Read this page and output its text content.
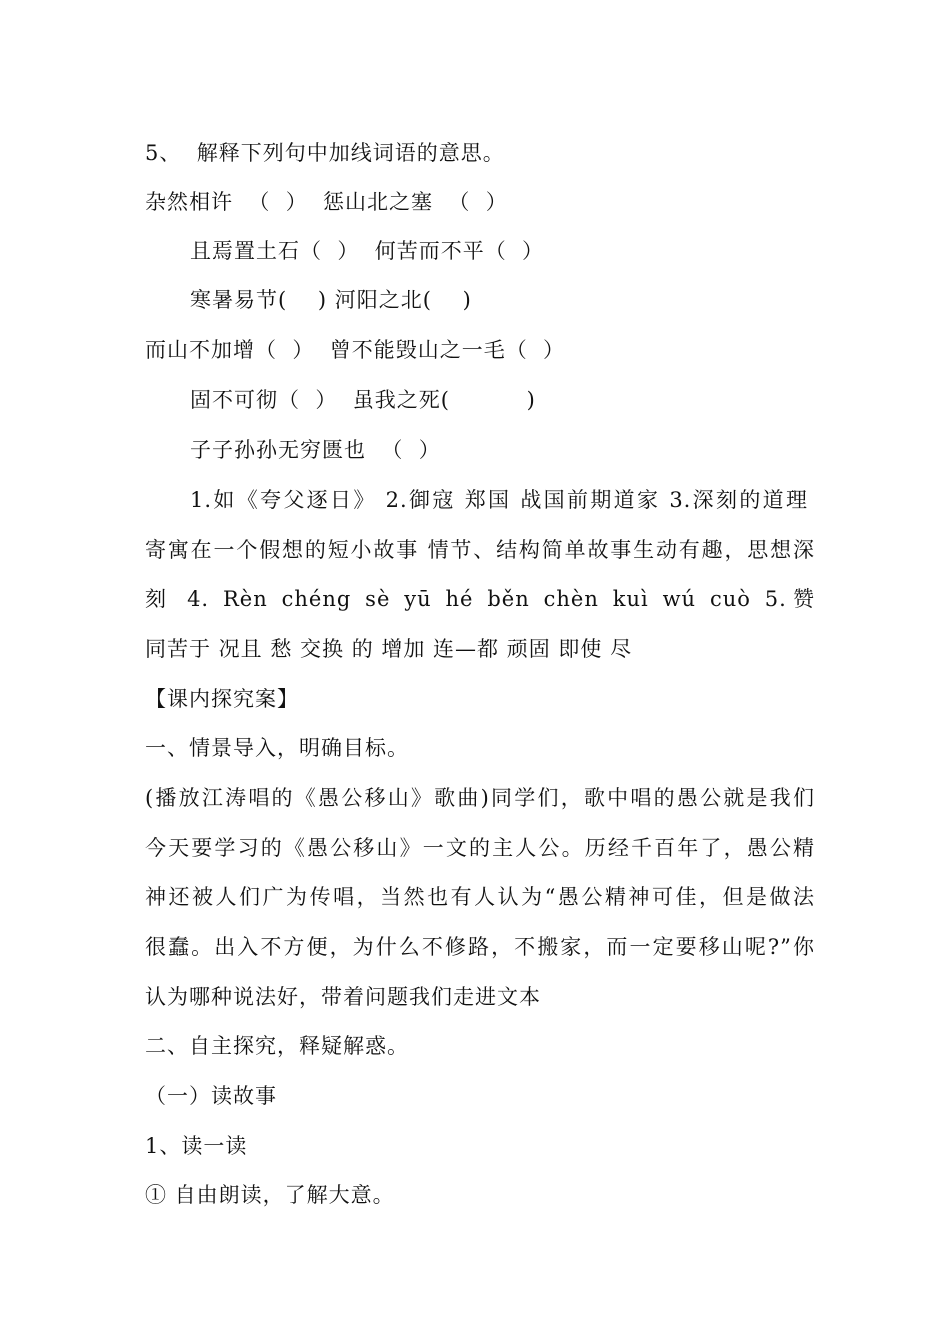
5、  解释下列句中加线词语的意思。
杂然相许  （  ）  惩山北之塞  （  ）
且焉置土石（  ）  何苦而不平（  ）
寒暑易节(    ) 河阳之北(    )
而山不加增（  ）  曾不能毁山之一毛（  ）
固不可彻（  ）  虽我之死(          )
子子孙孙无穷匮也  （  ）
1.如《夸父逐日》 2.御寇 郑国 战国前期道家 3.深刻的道理
寄寓在一个假想的短小故事 情节、结构简单故事生动有趣，思想深
刻 4. Rèn chéng sè yū hé běn chèn kuì wú cuò 5.赞
同苦于 况且 愁 交换 的 增加 连—都 顽固 即使 尽
【课内探究案】
一、情景导入，明确目标。
(播放江涛唱的《愚公移山》歌曲)同学们，歌中唱的愚公就是我们
今天要学习的《愚公移山》一文的主人公。历经千百年了，愚公精
神还被人们广为传唱，当然也有人认为“愚公精神可佳，但是做法
很蠢。出入不方便，为什么不修路，不搬家，而一定要移山呢?”你
认为哪种说法好，带着问题我们走进文本
二、自主探究，释疑解惑。
（一）读故事
1、读一读
① 自由朗读，了解大意。
